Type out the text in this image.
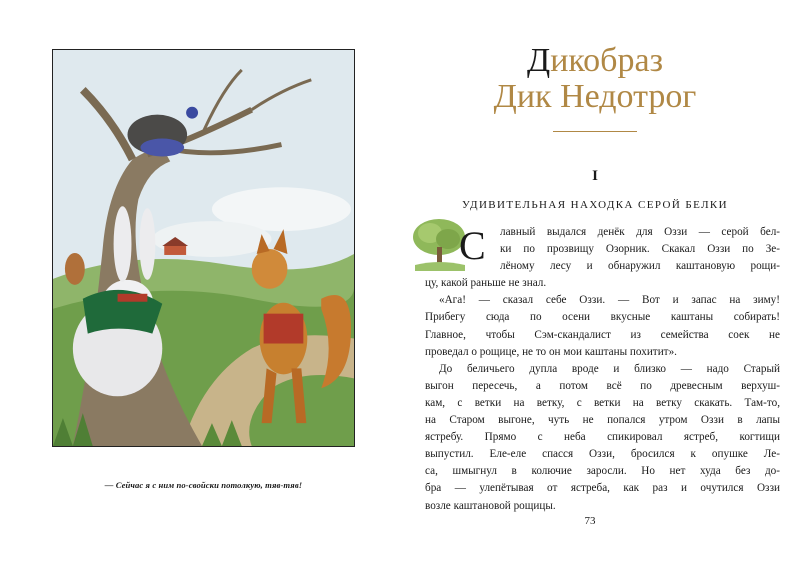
— Сейчас я с ним по-свойски потолкую, тяв-тяв!
Дикобраз
Дик Недотрог
I
УДИВИТЕЛЬНАЯ НАХОДКА СЕРОЙ БЕЛКИ
С	лавный выдался денёк для Оззи — серой бел-
ки по прозвищу Озорник. Скакал Оззи по Зе-
лёному лесу и обнаружил каштановую рощи-
цу, какой раньше не знал.
«Ага! — сказал себе Оззи. — Вот и запас на зиму!
Прибегу сюда по осени вкусные каштаны собирать!
Главное, чтобы Сэм-скандалист из семейства соек не
проведал о рощице, не то он мои каштаны похитит».
До беличьего дупла вроде и близко — надо Старый
выгон пересечь, а потом всё по древесным верхуш-
кам, с ветки на ветку, с ветки на ветку скакать. Там-то,
на Старом выгоне, чуть не попался утром Оззи в лапы
ястребу. Прямо с неба спикировал ястреб, когтищи
выпустил. Еле-еле спасся Оззи, бросился к опушке Ле-
са, шмыгнул в колючие заросли. Но нет худа без до-
бра — улепётывая от ястреба, как раз и очутился Оззи
возле каштановой рощицы.
73
